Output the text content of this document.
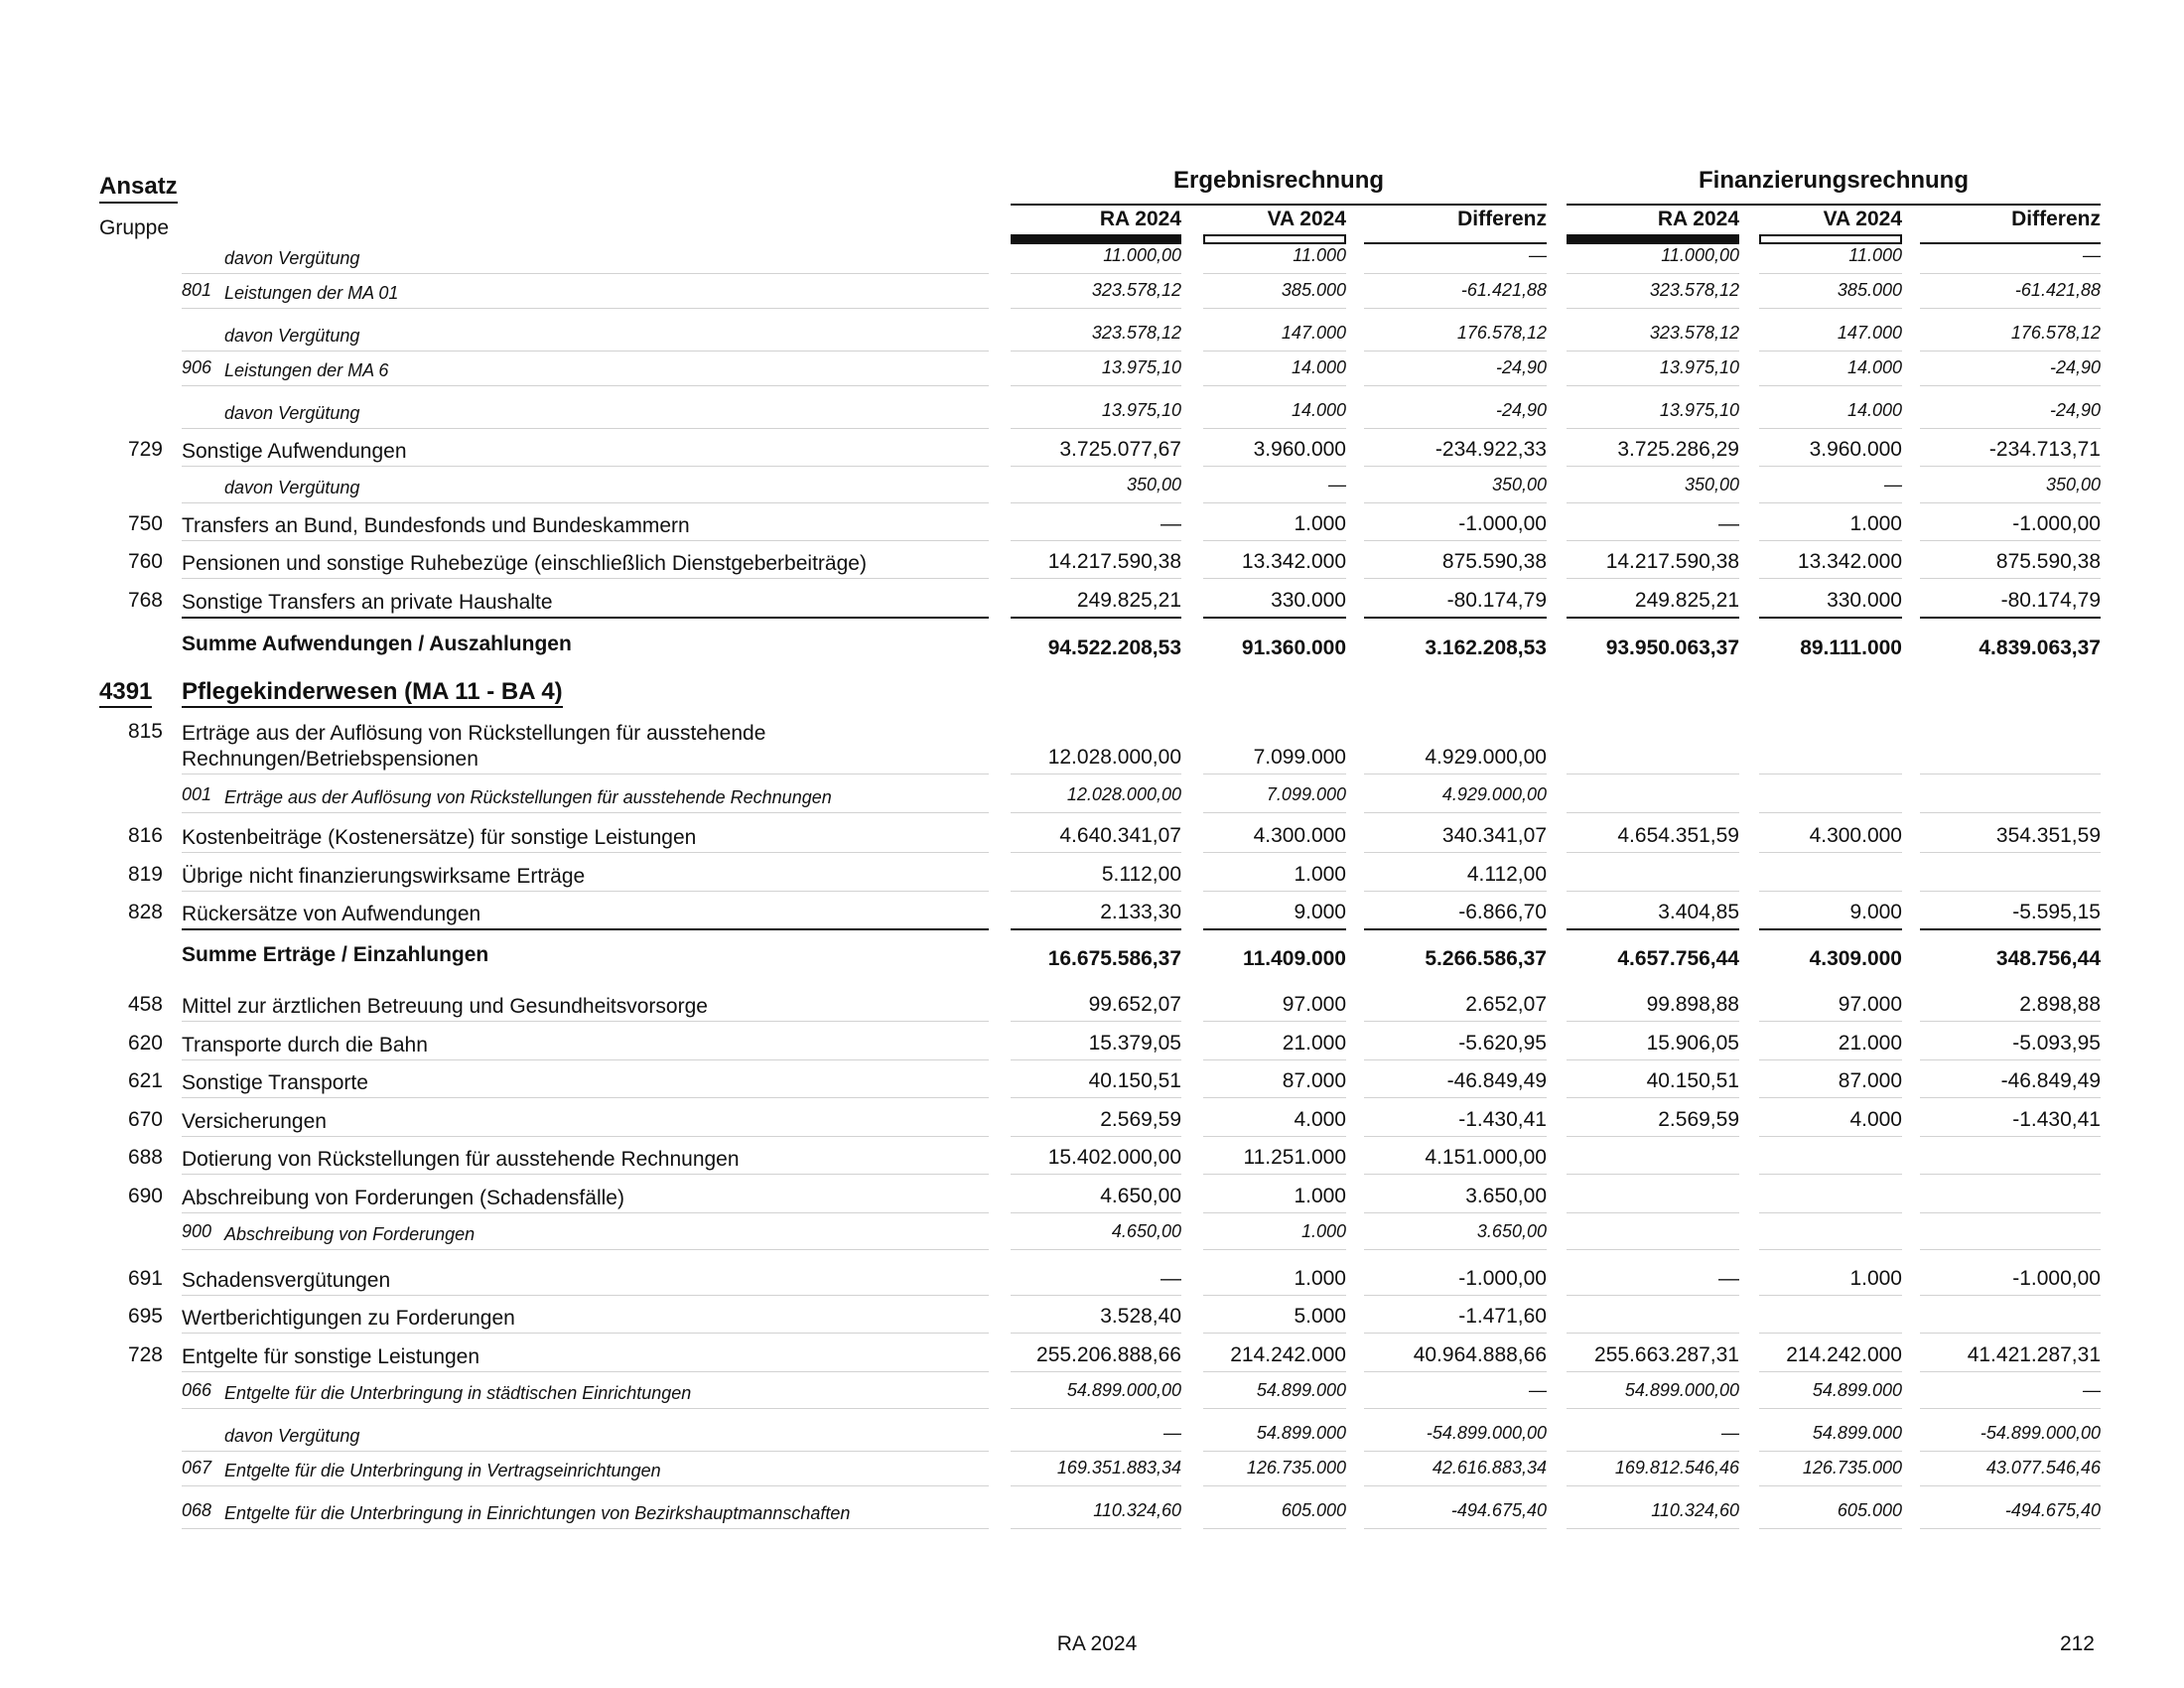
Ansatz
Gruppe
Ergebnisrechnung	Finanzierungsrechnung
RA 2024	VA 2024	Differenz	RA 2024	VA 2024	Differenz
davon Vergütung	11.000,00	11.000	—	11.000,00	11.000	—
801 Leistungen der MA 01	323.578,12	385.000	-61.421,88	323.578,12	385.000	-61.421,88
davon Vergütung	323.578,12	147.000	176.578,12	323.578,12	147.000	176.578,12
906 Leistungen der MA 6	13.975,10	14.000	-24,90	13.975,10	14.000	-24,90
davon Vergütung	13.975,10	14.000	-24,90	13.975,10	14.000	-24,90
729 Sonstige Aufwendungen	3.725.077,67	3.960.000	-234.922,33	3.725.286,29	3.960.000	-234.713,71
davon Vergütung	350,00	—	350,00	350,00	—	350,00
750 Transfers an Bund, Bundesfonds und Bundeskammern	—	1.000	-1.000,00	—	1.000	-1.000,00
760 Pensionen und sonstige Ruhebezüge (einschließlich Dienstgeberbeiträge)	14.217.590,38	13.342.000	875.590,38	14.217.590,38	13.342.000	875.590,38
768 Sonstige Transfers an private Haushalte	249.825,21	330.000	-80.174,79	249.825,21	330.000	-80.174,79
Summe Aufwendungen / Auszahlungen	94.522.208,53	91.360.000	3.162.208,53	93.950.063,37	89.111.000	4.839.063,37
4391 Pflegekinderwesen (MA 11 - BA 4)
815 Erträge aus der Auflösung von Rückstellungen für ausstehende
Rechnungen/Betriebspensionen	12.028.000,00	7.099.000	4.929.000,00
001 Erträge aus der Auflösung von Rückstellungen für ausstehende Rechnungen	12.028.000,00	7.099.000	4.929.000,00
816 Kostenbeiträge (Kostenersätze) für sonstige Leistungen	4.640.341,07	4.300.000	340.341,07	4.654.351,59	4.300.000	354.351,59
819 Übrige nicht finanzierungswirksame Erträge	5.112,00	1.000	4.112,00
828 Rückersätze von Aufwendungen	2.133,30	9.000	-6.866,70	3.404,85	9.000	-5.595,15
Summe Erträge / Einzahlungen	16.675.586,37	11.409.000	5.266.586,37	4.657.756,44	4.309.000	348.756,44
458 Mittel zur ärztlichen Betreuung und Gesundheitsvorsorge	99.652,07	97.000	2.652,07	99.898,88	97.000	2.898,88
620 Transporte durch die Bahn	15.379,05	21.000	-5.620,95	15.906,05	21.000	-5.093,95
621 Sonstige Transporte	40.150,51	87.000	-46.849,49	40.150,51	87.000	-46.849,49
670 Versicherungen	2.569,59	4.000	-1.430,41	2.569,59	4.000	-1.430,41
688 Dotierung von Rückstellungen für ausstehende Rechnungen	15.402.000,00	11.251.000	4.151.000,00
690 Abschreibung von Forderungen (Schadensfälle)	4.650,00	1.000	3.650,00
900 Abschreibung von Forderungen	4.650,00	1.000	3.650,00
691 Schadensvergütungen	—	1.000	-1.000,00	—	1.000	-1.000,00
695 Wertberichtigungen zu Forderungen	3.528,40	5.000	-1.471,60
728 Entgelte für sonstige Leistungen	255.206.888,66	214.242.000	40.964.888,66	255.663.287,31	214.242.000	41.421.287,31
066 Entgelte für die Unterbringung in städtischen Einrichtungen	54.899.000,00	54.899.000	—	54.899.000,00	54.899.000	—
davon Vergütung	—	54.899.000	-54.899.000,00	—	54.899.000	-54.899.000,00
067 Entgelte für die Unterbringung in Vertragseinrichtungen	169.351.883,34	126.735.000	42.616.883,34	169.812.546,46	126.735.000	43.077.546,46
068 Entgelte für die Unterbringung in Einrichtungen von Bezirkshauptmannschaften	110.324,60	605.000	-494.675,40	110.324,60	605.000	-494.675,40
RA 2024	212
